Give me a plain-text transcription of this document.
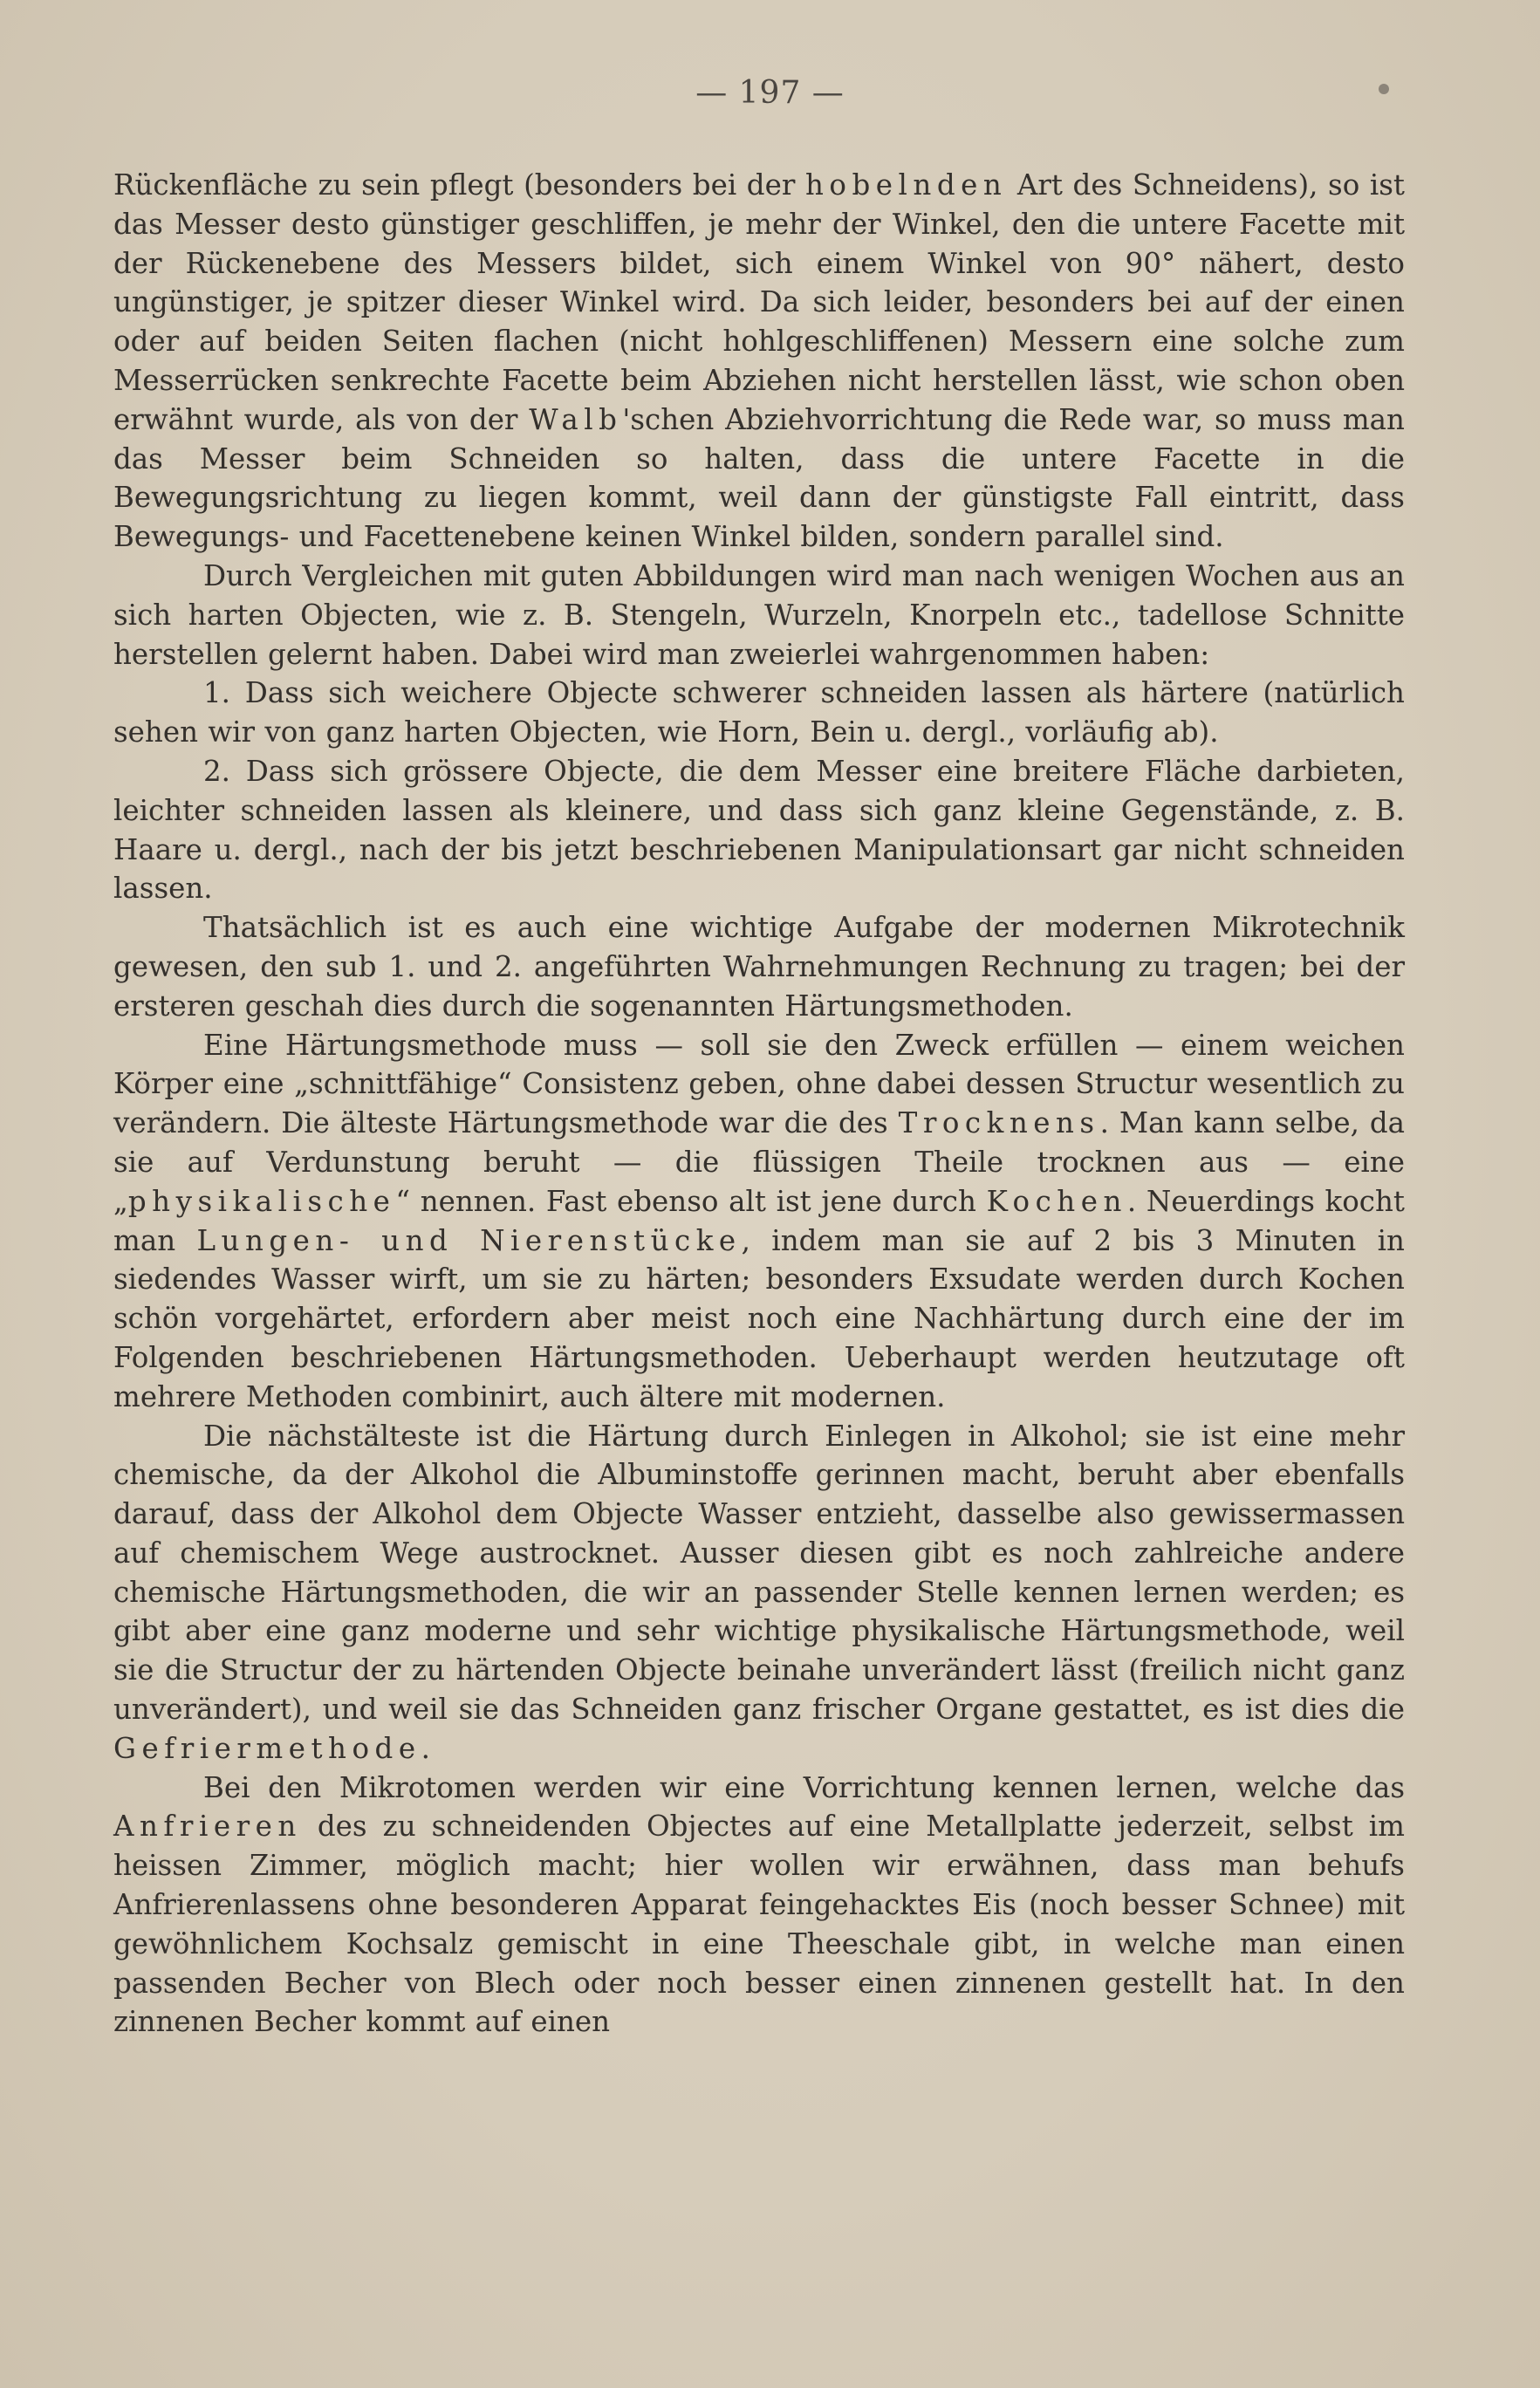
— 197 —

Rückenfläche zu sein pflegt (besonders bei der hobelnden Art des Schneidens), so ist das Messer desto günstiger geschliffen, je mehr der Winkel, den die untere Facette mit der Rückenebene des Messers bildet, sich einem Winkel von 90° nähert, desto ungünstiger, je spitzer dieser Winkel wird. Da sich leider, besonders bei auf der einen oder auf beiden Seiten flachen (nicht hohlgeschliffenen) Messern eine solche zum Messerrücken senkrechte Facette beim Abziehen nicht herstellen lässt, wie schon oben erwähnt wurde, als von der Walb'schen Abziehvorrichtung die Rede war, so muss man das Messer beim Schneiden so halten, dass die untere Facette in die Bewegungsrichtung zu liegen kommt, weil dann der günstigste Fall eintritt, dass Bewegungs- und Facettenebene keinen Winkel bilden, sondern parallel sind.

Durch Vergleichen mit guten Abbildungen wird man nach wenigen Wochen aus an sich harten Objecten, wie z. B. Stengeln, Wurzeln, Knorpeln etc., tadellose Schnitte herstellen gelernt haben. Dabei wird man zweierlei wahrgenommen haben:

1. Dass sich weichere Objecte schwerer schneiden lassen als härtere (natürlich sehen wir von ganz harten Objecten, wie Horn, Bein u. dergl., vorläufig ab).

2. Dass sich grössere Objecte, die dem Messer eine breitere Fläche darbieten, leichter schneiden lassen als kleinere, und dass sich ganz kleine Gegenstände, z. B. Haare u. dergl., nach der bis jetzt beschriebenen Manipulationsart gar nicht schneiden lassen.

Thatsächlich ist es auch eine wichtige Aufgabe der modernen Mikrotechnik gewesen, den sub 1. und 2. angeführten Wahrnehmungen Rechnung zu tragen; bei der ersteren geschah dies durch die sogenannten Härtungsmethoden.

Eine Härtungsmethode muss — soll sie den Zweck erfüllen — einem weichen Körper eine „schnittfähige“ Consistenz geben, ohne dabei dessen Structur wesentlich zu verändern. Die älteste Härtungsmethode war die des Trocknens. Man kann selbe, da sie auf Verdunstung beruht — die flüssigen Theile trocknen aus — eine „physikalische“ nennen. Fast ebenso alt ist jene durch Kochen. Neuerdings kocht man Lungen- und Nierenstücke, indem man sie auf 2 bis 3 Minuten in siedendes Wasser wirft, um sie zu härten; besonders Exsudate werden durch Kochen schön vorgehärtet, erfordern aber meist noch eine Nachhärtung durch eine der im Folgenden beschriebenen Härtungsmethoden. Ueberhaupt werden heutzutage oft mehrere Methoden combinirt, auch ältere mit modernen.

Die nächstälteste ist die Härtung durch Einlegen in Alkohol; sie ist eine mehr chemische, da der Alkohol die Albuminstoffe gerinnen macht, beruht aber ebenfalls darauf, dass der Alkohol dem Objecte Wasser entzieht, dasselbe also gewissermassen auf chemischem Wege austrocknet. Ausser diesen gibt es noch zahlreiche andere chemische Härtungsmethoden, die wir an passender Stelle kennen lernen werden; es gibt aber eine ganz moderne und sehr wichtige physikalische Härtungsmethode, weil sie die Structur der zu härtenden Objecte beinahe unverändert lässt (freilich nicht ganz unverändert), und weil sie das Schneiden ganz frischer Organe gestattet, es ist dies die Gefriermethode.

Bei den Mikrotomen werden wir eine Vorrichtung kennen lernen, welche das Anfrieren des zu schneidenden Objectes auf eine Metallplatte jederzeit, selbst im heissen Zimmer, möglich macht; hier wollen wir erwähnen, dass man behufs Anfrierenlassens ohne besonderen Apparat feingehacktes Eis (noch besser Schnee) mit gewöhnlichem Kochsalz gemischt in eine Theeschale gibt, in welche man einen passenden Becher von Blech oder noch besser einen zinnenen gestellt hat. In den zinnenen Becher kommt auf einen
